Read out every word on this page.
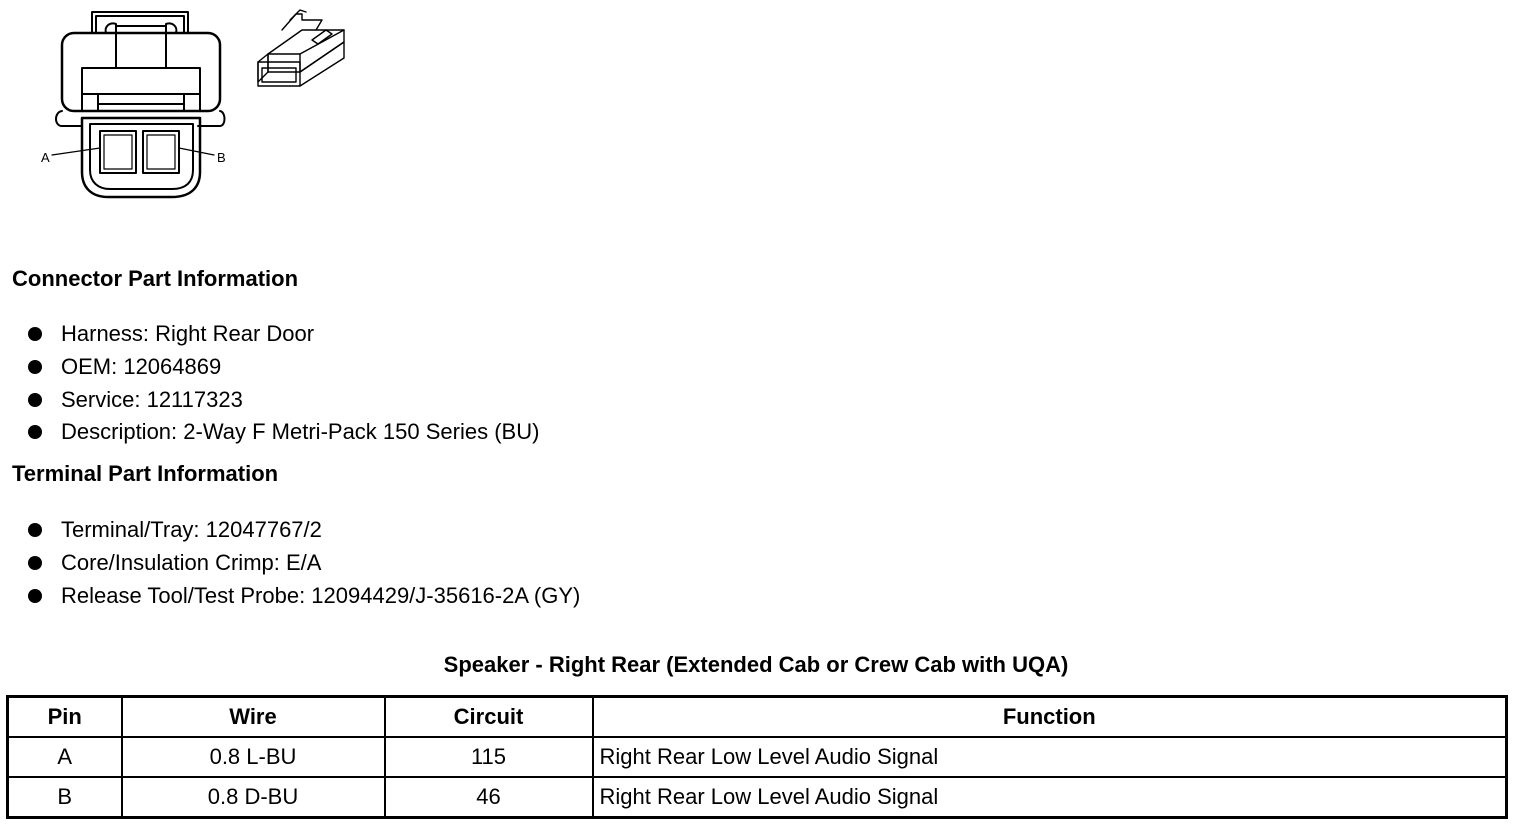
A	B
Connector Part Information
Harness: Right Rear Door
OEM: 12064869
Service: 12117323
Description: 2-Way F Metri-Pack 150 Series (BU)
Terminal Part Information
Terminal/Tray: 12047767/2
Core/Insulation Crimp: E/A
Release Tool/Test Probe: 12094429/J-35616-2A (GY)
Speaker - Right Rear (Extended Cab or Crew Cab with UQA)
Pin	Wire	Circuit	Function
A	0.8 L-BU	115	Right Rear Low Level Audio Signal
B	0.8 D-BU	46	Right Rear Low Level Audio Signal
